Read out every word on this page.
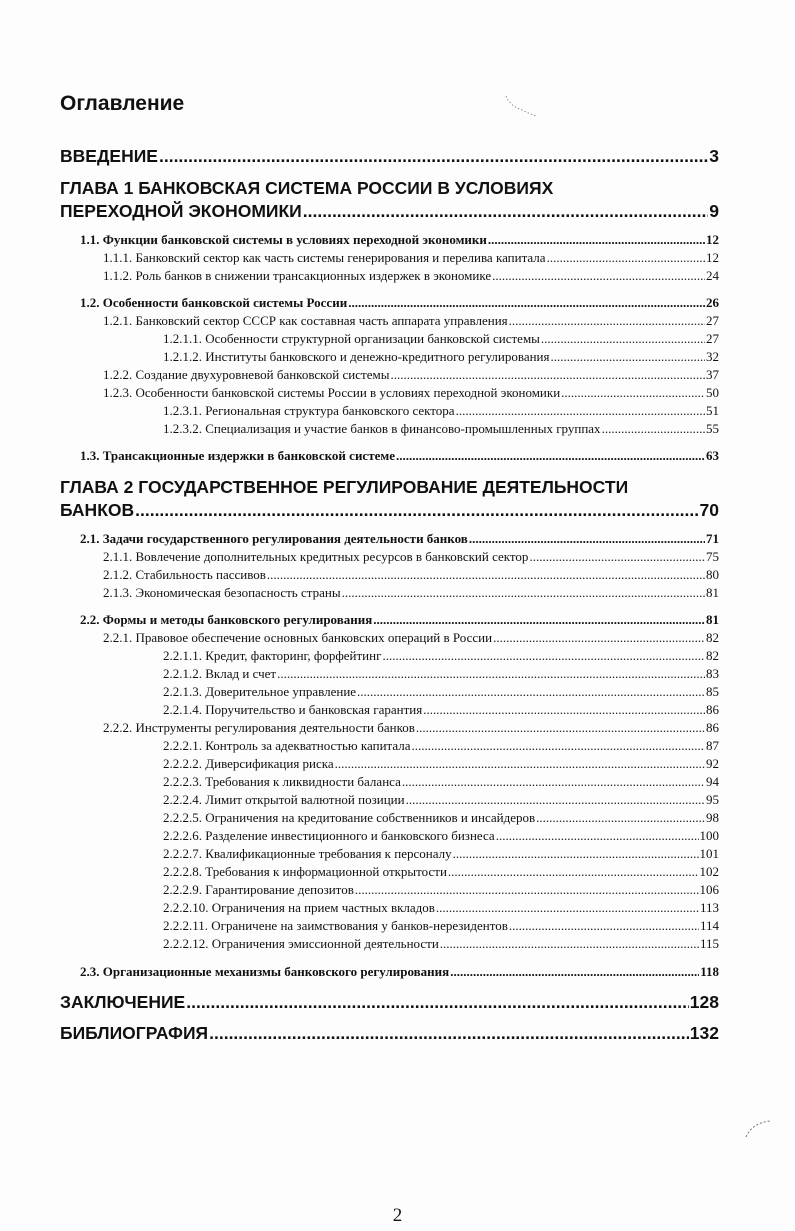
Оглавление
ВВЕДЕНИЕ .....	3
ГЛАВА 1 БАНКОВСКАЯ СИСТЕМА РОССИИ В УСЛОВИЯХ
ПЕРЕХОДНОЙ ЭКОНОМИКИ .....	9
1.1. Функции банковской системы в условиях переходной экономики .....	12
1.1.1. Банковский сектор как часть системы генерирования и перелива капитала .....	12
1.1.2. Роль банков в снижении трансакционных издержек в экономике .....	24
1.2. Особенности банковской системы России .....	26
1.2.1. Банковский сектор СССР как составная часть аппарата управления .....	27
1.2.1.1. Особенности структурной организации банковской системы .....	27
1.2.1.2. Институты банковского и денежно-кредитного регулирования .....	32
1.2.2. Создание двухуровневой банковской системы .....	37
1.2.3. Особенности банковской системы России в условиях переходной экономики .....	50
1.2.3.1. Региональная структура банковского сектора .....	51
1.2.3.2. Специализация и участие банков в финансово-промышленных группах .....	55
1.3. Трансакционные издержки в банковской системе .....	63
ГЛАВА 2 ГОСУДАРСТВЕННОЕ РЕГУЛИРОВАНИЕ ДЕЯТЕЛЬНОСТИ
БАНКОВ .....	70
2.1. Задачи государственного регулирования деятельности банков .....	71
2.1.1. Вовлечение дополнительных кредитных ресурсов в банковский сектор .....	75
2.1.2. Стабильность пассивов .....	80
2.1.3. Экономическая безопасность страны .....	81
2.2. Формы и методы банковского регулирования .....	81
2.2.1. Правовое обеспечение основных банковских операций в России .....	82
2.2.1.1. Кредит, факторинг, форфейтинг .....	82
2.2.1.2. Вклад и счет .....	83
2.2.1.3. Доверительное управление .....	85
2.2.1.4. Поручительство и банковская гарантия .....	86
2.2.2. Инструменты регулирования деятельности банков .....	86
2.2.2.1. Контроль за адекватностью капитала .....	87
2.2.2.2. Диверсификация риска .....	92
2.2.2.3. Требования к ликвидности баланса .....	94
2.2.2.4. Лимит открытой валютной позиции .....	95
2.2.2.5. Ограничения на кредитование собственников и инсайдеров .....	98
2.2.2.6. Разделение инвестиционного и банковского бизнеса .....	100
2.2.2.7. Квалификационные требования к персоналу .....	101
2.2.2.8. Требования к информационной открытости .....	102
2.2.2.9. Гарантирование депозитов .....	106
2.2.2.10. Ограничения на прием частных вкладов .....	113
2.2.2.11. Ограничене на заимствования у банков-нерезидентов .....	114
2.2.2.12. Ограничения эмиссионной деятельности .....	115
2.3. Организационные механизмы банковского регулирования .....	118
ЗАКЛЮЧЕНИЕ .....	128
БИБЛИОГРАФИЯ .....	132
2
